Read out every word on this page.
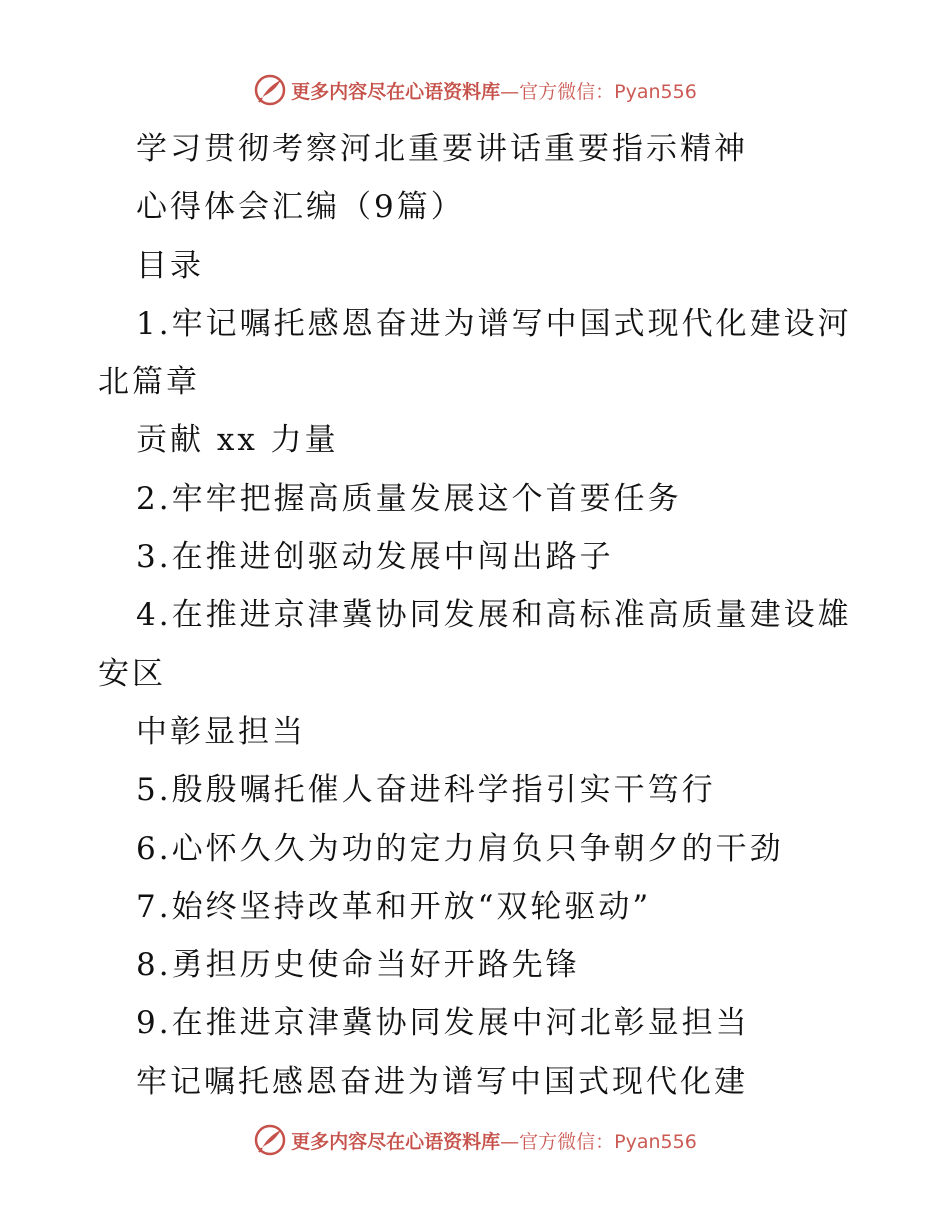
更多内容尽在心语资料库—官方微信：Pyan556
学习贯彻考察河北重要讲话重要指示精神
心得体会汇编（9篇）
目录
1.牢记嘱托感恩奋进为谱写中国式现代化建设河
北篇章
贡献 xx 力量
2.牢牢把握高质量发展这个首要任务
3.在推进创驱动发展中闯出路子
4.在推进京津冀协同发展和高标准高质量建设雄
安区
中彰显担当
5.殷殷嘱托催人奋进科学指引实干笃行
6.心怀久久为功的定力肩负只争朝夕的干劲
7.始终坚持改革和开放“双轮驱动”
8.勇担历史使命当好开路先锋
9.在推进京津冀协同发展中河北彰显担当
牢记嘱托感恩奋进为谱写中国式现代化建
更多内容尽在心语资料库—官方微信：Pyan556
